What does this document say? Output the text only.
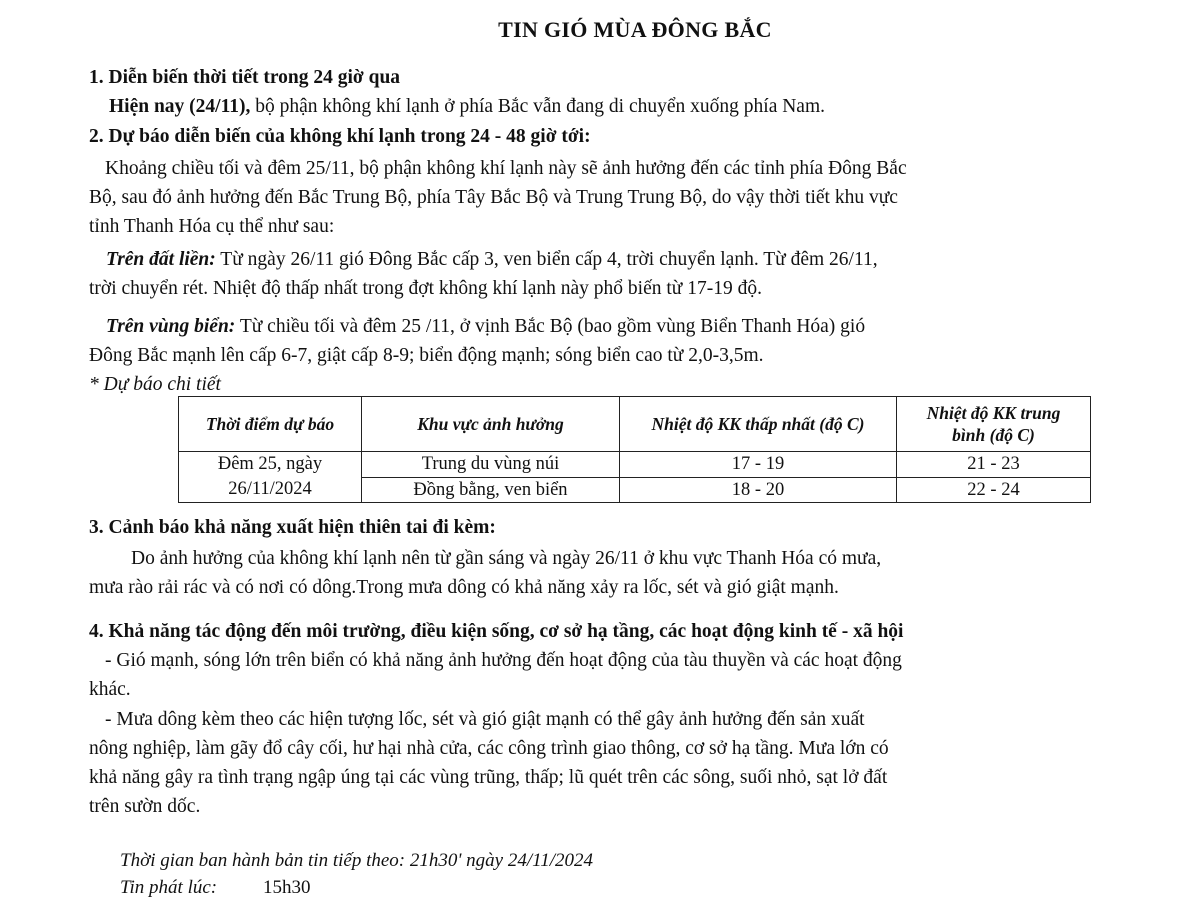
TIN GIÓ MÙA ĐÔNG BẮC
1. Diễn biến thời tiết trong 24 giờ qua
Hiện nay (24/11), bộ phận không khí lạnh ở phía Bắc vẫn đang di chuyển xuống phía Nam.
2. Dự báo diễn biến của không khí lạnh trong 24 - 48 giờ tới:
Khoảng chiều tối và đêm 25/11, bộ phận không khí lạnh này sẽ ảnh hưởng đến các tỉnh phía Đông Bắc
Bộ, sau đó ảnh hưởng đến Bắc Trung Bộ, phía Tây Bắc Bộ và Trung Trung Bộ, do vậy thời tiết khu vực
tỉnh Thanh Hóa cụ thể như sau:
Trên đất liền: Từ ngày 26/11 gió Đông Bắc cấp 3, ven biển cấp 4, trời chuyển lạnh. Từ đêm 26/11,
trời chuyển rét. Nhiệt độ thấp nhất trong đợt không khí lạnh này phổ biến từ 17-19 độ.
Trên vùng biển: Từ chiều tối và đêm 25 /11, ở vịnh Bắc Bộ (bao gồm vùng Biển Thanh Hóa) gió
Đông Bắc mạnh lên cấp 6-7, giật cấp 8-9; biển động mạnh; sóng biển cao từ 2,0-3,5m.
* Dự báo chi tiết
Thời điểm dự báo	Khu vực ảnh hưởng	Nhiệt độ KK thấp nhất (độ C)	Nhiệt độ KK trung
bình (độ C)
Đêm 25, ngày
26/11/2024	Trung du vùng núi	17 - 19	21 - 23
	Đồng bằng, ven biển	18 - 20	22 - 24
3. Cảnh báo khả năng xuất hiện thiên tai đi kèm:
Do ảnh hưởng của không khí lạnh nên từ gần sáng và ngày 26/11 ở khu vực Thanh Hóa có mưa,
mưa rào rải rác và có nơi có dông.Trong mưa dông có khả năng xảy ra lốc, sét và gió giật mạnh.
4. Khả năng tác động đến môi trường, điều kiện sống, cơ sở hạ tầng, các hoạt động kinh tế - xã hội
- Gió mạnh, sóng lớn trên biển có khả năng ảnh hưởng đến hoạt động của tàu thuyền và các hoạt động
khác.
- Mưa dông kèm theo các hiện tượng lốc, sét và gió giật mạnh có thể gây ảnh hưởng đến sản xuất
nông nghiệp, làm gãy đổ cây cối, hư hại nhà cửa, các công trình giao thông, cơ sở hạ tầng. Mưa lớn có
khả năng gây ra tình trạng ngập úng tại các vùng trũng, thấp; lũ quét trên các sông, suối nhỏ, sạt lở đất
trên sườn dốc.
Thời gian ban hành bản tin tiếp theo: 21h30' ngày 24/11/2024
Tin phát lúc: 15h30
